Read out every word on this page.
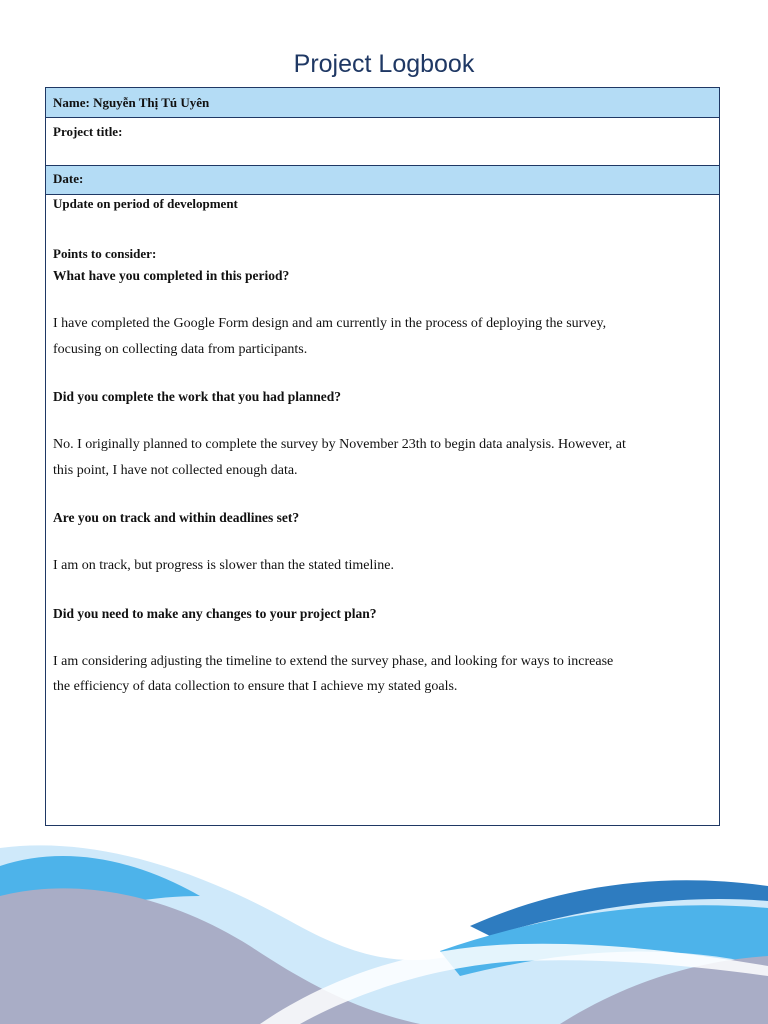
Project Logbook
Name: Nguyễn Thị Tú Uyên
Project title:
Date:
Update on period of development
Points to consider:
What have you completed in this period?
I have completed the Google Form design and am currently in the process of deploying the survey,
focusing on collecting data from participants.
Did you complete the work that you had planned?
No. I originally planned to complete the survey by November 23th to begin data analysis. However, at
this point, I have not collected enough data.
Are you on track and within deadlines set?
I am on track, but progress is slower than the stated timeline.
Did you need to make any changes to your project plan?
I am considering adjusting the timeline to extend the survey phase, and looking for ways to increase
the efficiency of data collection to ensure that I achieve my stated goals.
